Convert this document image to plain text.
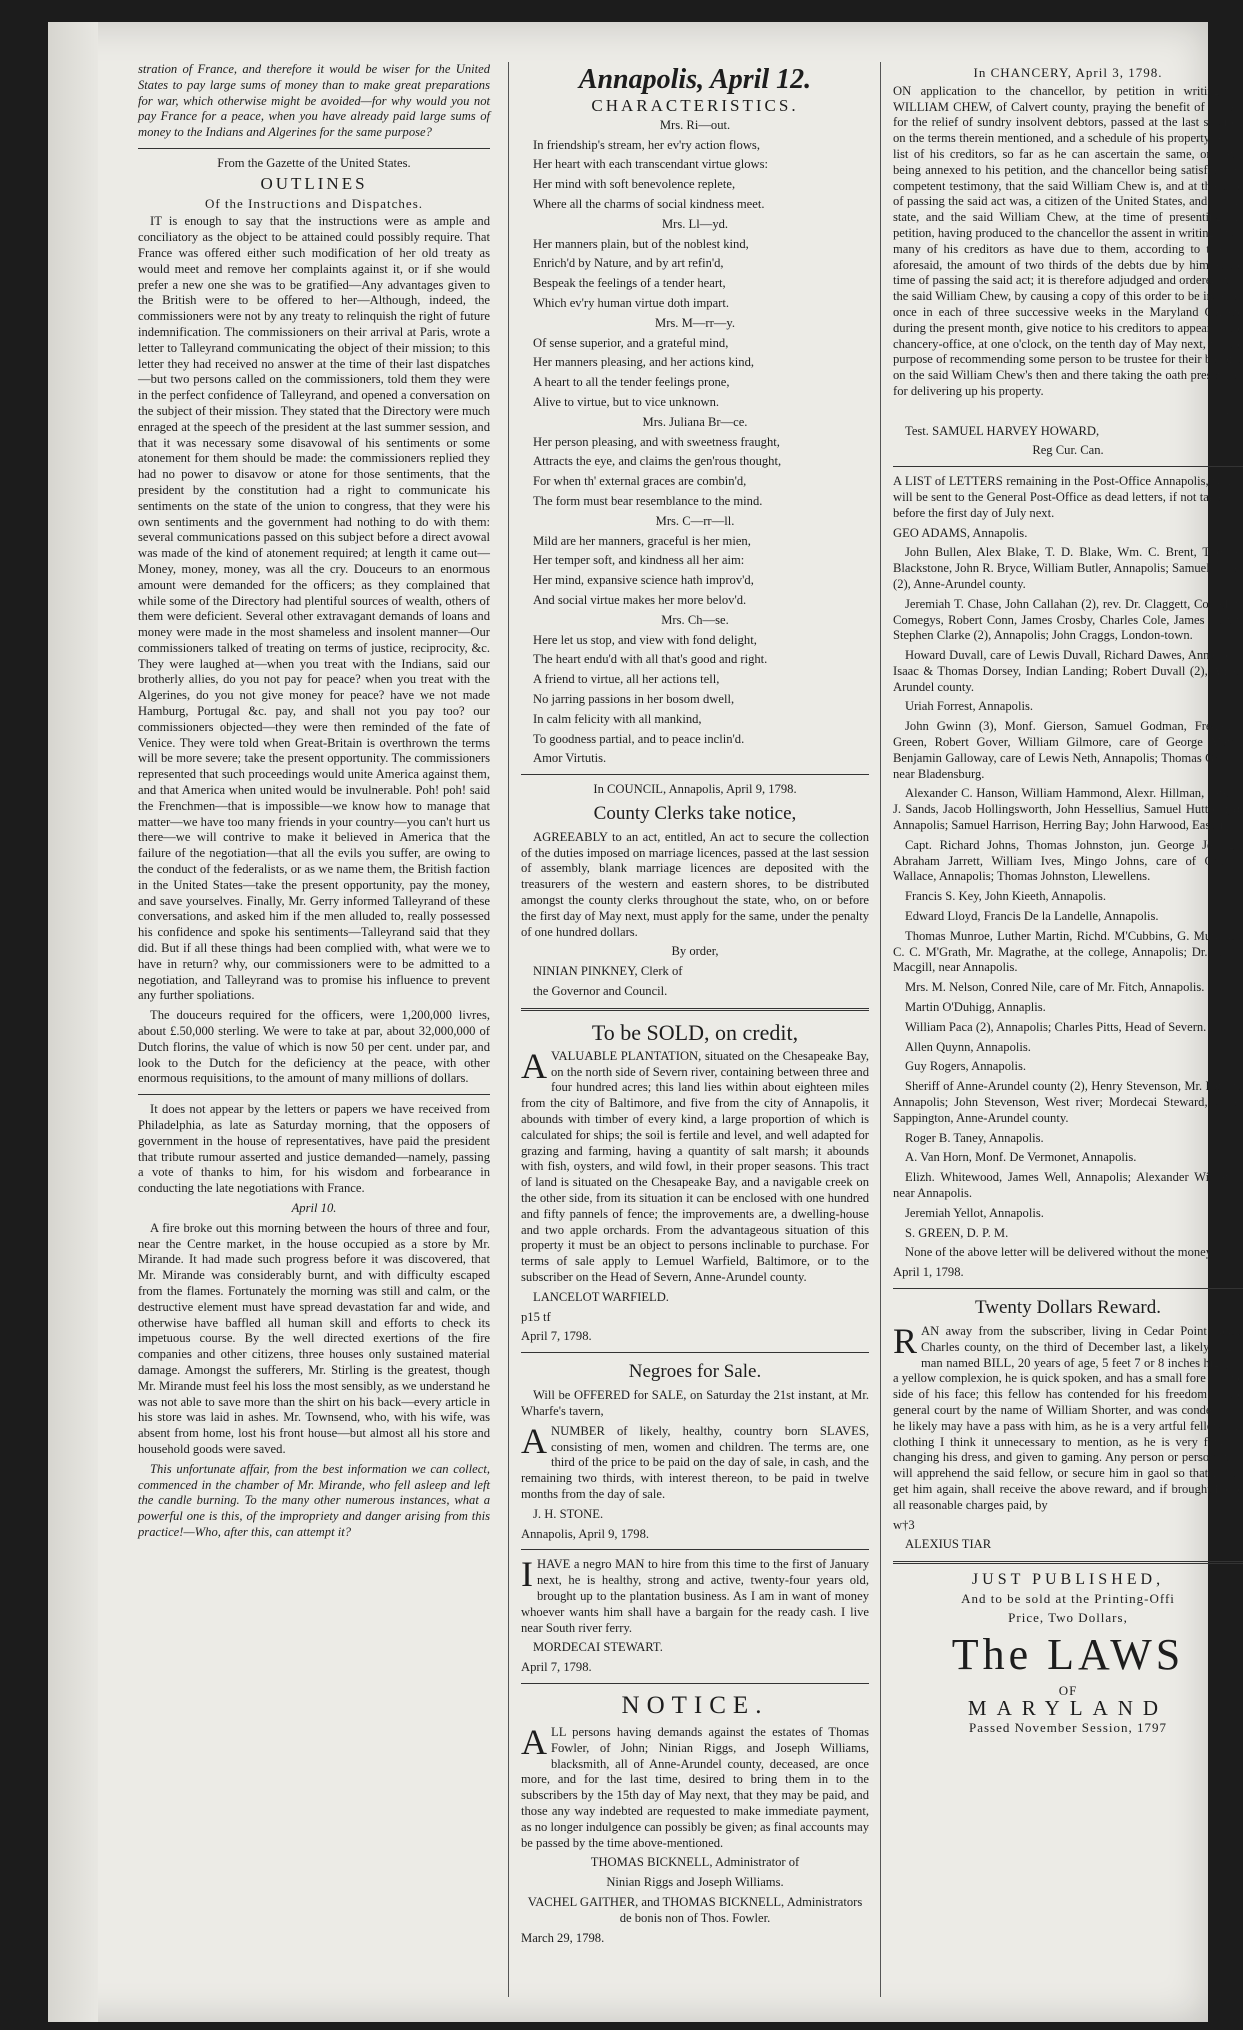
stration of France, and therefore it would be wiser for the United States to pay large sums of money than to make great preparations for war, which otherwise might be avoided—for why would you not pay France for a peace, when you have already paid large sums of money to the Indians and Algerines for the same purpose?

From the Gazette of the United States.

OUTLINES
Of the Instructions and Dispatches.

IT is enough to say that the instructions were as ample and conciliatory as the object to be attained could possibly require. That France was offered either such modification of her old treaty as would meet and remove her complaints against it, or if she would prefer a new one she was to be gratified—Any advantages given to the British were to be offered to her—Although, indeed, the commissioners were not by any treaty to relinquish the right of future indemnification. The commissioners on their arrival at Paris, wrote a letter to Talleyrand communicating the object of their mission; to this letter they had received no answer at the time of their last dispatches—but two persons called on the commissioners, told them they were in the perfect confidence of Talleyrand, and opened a conversation on the subject of their mission. They stated that the Directory were much enraged at the speech of the president at the last summer session, and that it was necessary some disavowal of his sentiments or some atonement for them should be made: the commissioners replied they had no power to disavow or atone for those sentiments, that the president by the constitution had a right to communicate his sentiments on the state of the union to congress, that they were his own sentiments and the government had nothing to do with them: several communications passed on this subject before a direct avowal was made of the kind of atonement required; at length it came out—Money, money, money, was all the cry. Douceurs to an enormous amount were demanded for the officers; as they complained that while some of the Directory had plentiful sources of wealth, others of them were deficient. Several other extravagant demands of loans and money were made in the most shameless and insolent manner—Our commissioners talked of treating on terms of justice, reciprocity, &c. They were laughed at—when you treat with the Indians, said our brotherly allies, do you not pay for peace? when you treat with the Algerines, do you not give money for peace? have we not made Hamburg, Portugal &c. pay, and shall not you pay too? our commissioners objected—they were then reminded of the fate of Venice. They were told when Great-Britain is overthrown the terms will be more severe; take the present opportunity. The commissioners represented that such proceedings would unite America against them, and that America when united would be invulnerable. Poh! poh! said the Frenchmen—that is impossible—we know how to manage that matter—we have too many friends in your country—you can't hurt us there—we will contrive to make it believed in America that the failure of the negotiation—that all the evils you suffer, are owing to the conduct of the federalists, or as we name them, the British faction in the United States—take the present opportunity, pay the money, and save yourselves. Finally, Mr. Gerry informed Talleyrand of these conversations, and asked him if the men alluded to, really possessed his confidence and spoke his sentiments—Talleyrand said that they did. But if all these things had been complied with, what were we to have in return? why, our commissioners were to be admitted to a negotiation, and Talleyrand was to promise his influence to prevent any further spoliations.

The douceurs required for the officers, were 1,200,000 livres, about £.50,000 sterling. We were to take at par, about 32,000,000 of Dutch florins, the value of which is now 50 per cent. under par, and look to the Dutch for the deficiency at the peace, with other enormous requisitions, to the amount of many millions of dollars.

It does not appear by the letters or papers we have received from Philadelphia, as late as Saturday morning, that the opposers of government in the house of representatives, have paid the president that tribute rumour asserted and justice demanded—namely, passing a vote of thanks to him, for his wisdom and forbearance in conducting the late negotiations with France.

April 10.

A fire broke out this morning between the hours of three and four, near the Centre market, in the house occupied as a store by Mr. Mirande. It had made such progress before it was discovered, that Mr. Mirande was considerably burnt, and with difficulty escaped from the flames. Fortunately the morning was still and calm, or the destructive element must have spread devastation far and wide, and otherwise have baffled all human skill and efforts to check its impetuous course. By the well directed exertions of the fire companies and other citizens, three houses only sustained material damage. Amongst the sufferers, Mr. Stirling is the greatest, though Mr. Mirande must feel his loss the most sensibly, as we understand he was not able to save more than the shirt on his back—every article in his store was laid in ashes. Mr. Townsend, who, with his wife, was absent from home, lost his front house—but almost all his store and household goods were saved.

This unfortunate affair, from the best information we can collect, commenced in the chamber of Mr. Mirande, who fell asleep and left the candle burning. To the many other numerous instances, what a powerful one is this, of the impropriety and danger arising from this practice!—Who, after this, can attempt it?

Annapolis, April 12.
CHARACTERISTICS.

Mrs. Ri—out.

In friendship's stream, her ev'ry action flows,

Her heart with each transcendant virtue glows:

Her mind with soft benevolence replete,

Where all the charms of social kindness meet.

Mrs. Ll—yd.

Her manners plain, but of the noblest kind,

Enrich'd by Nature, and by art refin'd,

Bespeak the feelings of a tender heart,

Which ev'ry human virtue doth impart.

Mrs. M—rr—y.

Of sense superior, and a grateful mind,

Her manners pleasing, and her actions kind,

A heart to all the tender feelings prone,

Alive to virtue, but to vice unknown.

Mrs. Juliana Br—ce.

Her person pleasing, and with sweetness fraught,

Attracts the eye, and claims the gen'rous thought,

For when th' external graces are combin'd,

The form must bear resemblance to the mind.

Mrs. C—rr—ll.

Mild are her manners, graceful is her mien,

Her temper soft, and kindness all her aim:

Her mind, expansive science hath improv'd,

And social virtue makes her more belov'd.

Mrs. Ch—se.

Here let us stop, and view with fond delight,

The heart endu'd with all that's good and right.

A friend to virtue, all her actions tell,

No jarring passions in her bosom dwell,

In calm felicity with all mankind,

To goodness partial, and to peace inclin'd.

Amor Virtutis.

In COUNCIL, Annapolis, April 9, 1798.

County Clerks take notice,

AGREEABLY to an act, entitled, An act to secure the collection of the duties imposed on marriage licences, passed at the last session of assembly, blank marriage licences are deposited with the treasurers of the western and eastern shores, to be distributed amongst the county clerks throughout the state, who, on or before the first day of May next, must apply for the same, under the penalty of one hundred dollars.

By order,

NINIAN PINKNEY, Clerk of

the Governor and Council.

To be SOLD, on credit,

AVALUABLE PLANTATION, situated on the Chesapeake Bay, on the north side of Severn river, containing between three and four hundred acres; this land lies within about eighteen miles from the city of Baltimore, and five from the city of Annapolis, it abounds with timber of every kind, a large proportion of which is calculated for ships; the soil is fertile and level, and well adapted for grazing and farming, having a quantity of salt marsh; it abounds with fish, oysters, and wild fowl, in their proper seasons. This tract of land is situated on the Chesapeake Bay, and a navigable creek on the other side, from its situation it can be enclosed with one hundred and fifty pannels of fence; the improvements are, a dwelling-house and two apple orchards. From the advantageous situation of this property it must be an object to persons inclinable to purchase. For terms of sale apply to Lemuel Warfield, Baltimore, or to the subscriber on the Head of Severn, Anne-Arundel county.

LANCELOT WARFIELD.

p15 tf

April 7, 1798.

Negroes for Sale.

Will be OFFERED for SALE, on Saturday the 21st instant, at Mr. Wharfe's tavern,

ANUMBER of likely, healthy, country born SLAVES, consisting of men, women and children. The terms are, one third of the price to be paid on the day of sale, in cash, and the remaining two thirds, with interest thereon, to be paid in twelve months from the day of sale.

J. H. STONE.

Annapolis, April 9, 1798.

IHAVE a negro MAN to hire from this time to the first of January next, he is healthy, strong and active, twenty-four years old, brought up to the plantation business. As I am in want of money whoever wants him shall have a bargain for the ready cash. I live near South river ferry.

MORDECAI STEWART.

April 7, 1798.

NOTICE.

ALL persons having demands against the estates of Thomas Fowler, of John; Ninian Riggs, and Joseph Williams, blacksmith, all of Anne-Arundel county, deceased, are once more, and for the last time, desired to bring them in to the subscribers by the 15th day of May next, that they may be paid, and those any way indebted are requested to make immediate payment, as no longer indulgence can possibly be given; as final accounts may be passed by the time above-mentioned.

THOMAS BICKNELL, Administrator of

Ninian Riggs and Joseph Williams.

VACHEL GAITHER, and THOMAS BICKNELL, Administrators de bonis non of Thos. Fowler.

March 29, 1798.

In CHANCERY, April 3, 1798.

ON application to the chancellor, by petition in writing, of WILLIAM CHEW, of Calvert county, praying the benefit of the act for the relief of sundry insolvent debtors, passed at the last session, on the terms therein mentioned, and a schedule of his property, and a list of his creditors, so far as he can ascertain the same, on oath, being annexed to his petition, and the chancellor being satisfied, by competent testimony, that the said William Chew is, and at the time of passing the said act was, a citizen of the United States, and of this state, and the said William Chew, at the time of presenting his petition, having produced to the chancellor the assent in writing of so many of his creditors as have due to them, according to the list aforesaid, the amount of two thirds of the debts due by him at the time of passing the said act; it is therefore adjudged and ordered, that the said William Chew, by causing a copy of this order to be inserted once in each of three successive weeks in the Maryland Gazette during the present month, give notice to his creditors to appear in the chancery-office, at one o'clock, on the tenth day of May next, for the purpose of recommending some person to be trustee for their benefit, on the said William Chew's then and there taking the oath prescribed for delivering up his property.

w 3

Test. SAMUEL HARVEY HOWARD,

Reg Cur. Can.

A LIST of LETTERS remaining in the Post-Office Annapolis, which will be sent to the General Post-Office as dead letters, if not taken up before the first day of July next.

GEO ADAMS, Annapolis.

John Bullen, Alex Blake, T. D. Blake, Wm. C. Brent, Thomas Blackstone, John R. Bryce, William Butler, Annapolis; Samuel Butey (2), Anne-Arundel county.

Jeremiah T. Chase, John Callahan (2), rev. Dr. Claggett, Cornelius Comegys, Robert Conn, James Crosby, Charles Cole, James Carter, Stephen Clarke (2), Annapolis; John Craggs, London-town.

Howard Duvall, care of Lewis Duvall, Richard Dawes, Annapolis; Isaac & Thomas Dorsey, Indian Landing; Robert Duvall (2), Anne-Arundel county.

Uriah Forrest, Annapolis.

John Gwinn (3), Monf. Gierson, Samuel Godman, Frederick Green, Robert Gover, William Gilmore, care of George Mann, Benjamin Galloway, care of Lewis Neth, Annapolis; Thomas Griffin, near Bladensburg.

Alexander C. Hanson, William Hammond, Alexr. Hillman, care of J. Sands, Jacob Hollingsworth, John Hessellius, Samuel Hutton (3), Annapolis; Samuel Harrison, Herring Bay; John Harwood, Easton.

Capt. Richard Johns, Thomas Johnston, jun. George Jenings, Abraham Jarrett, William Ives, Mingo Johns, care of Charles Wallace, Annapolis; Thomas Johnston, Llewellens.

Francis S. Key, John Kieeth, Annapolis.

Edward Lloyd, Francis De la Landelle, Annapolis.

Thomas Munroe, Luther Martin, Richd. M'Cubbins, G. Murdoch, C. C. M'Grath, Mr. Magrathe, at the college, Annapolis; Dr. James Macgill, near Annapolis.

Mrs. M. Nelson, Conred Nile, care of Mr. Fitch, Annapolis.

Martin O'Duhigg, Annaplis.

William Paca (2), Annapolis; Charles Pitts, Head of Severn.

Allen Quynn, Annapolis.

Guy Rogers, Annapolis.

Sheriff of Anne-Arundel county (2), Henry Stevenson, Mr. Parrott, Annapolis; John Stevenson, West river; Mordecai Steward, Caleb Sappington, Anne-Arundel county.

Roger B. Taney, Annapolis.

A. Van Horn, Monf. De Vermonet, Annapolis.

Elizh. Whitewood, James Well, Annapolis; Alexander Williams, near Annapolis.

Jeremiah Yellot, Annapolis.

S. GREEN, D. P. M.

None of the above letter will be delivered without the money.

April 1, 1798.

Twenty Dollars Reward.

RAN away from the subscriber, living in Cedar Point Neck, Charles county, on the third of December last, a likely negro man named BILL, 20 years of age, 5 feet 7 or 8 inches high, of a yellow complexion, he is quick spoken, and has a small fore on one side of his face; this fellow has contended for his freedom in the general court by the name of William Shorter, and was condemned; he likely may have a pass with him, as he is a very artful fellow, his clothing I think it unnecessary to mention, as he is very fond of changing his dress, and given to gaming. Any person or persons that will apprehend the said fellow, or secure him in gaol so that I may get him again, shall receive the above reward, and if brought home all reasonable charges paid, by

w†3

ALEXIUS TIAR

JUST PUBLISHED,
And to be sold at the Printing-Offi
Price, Two Dollars,
The LAWS
OF
MARYLAND
Passed November Session, 1797
